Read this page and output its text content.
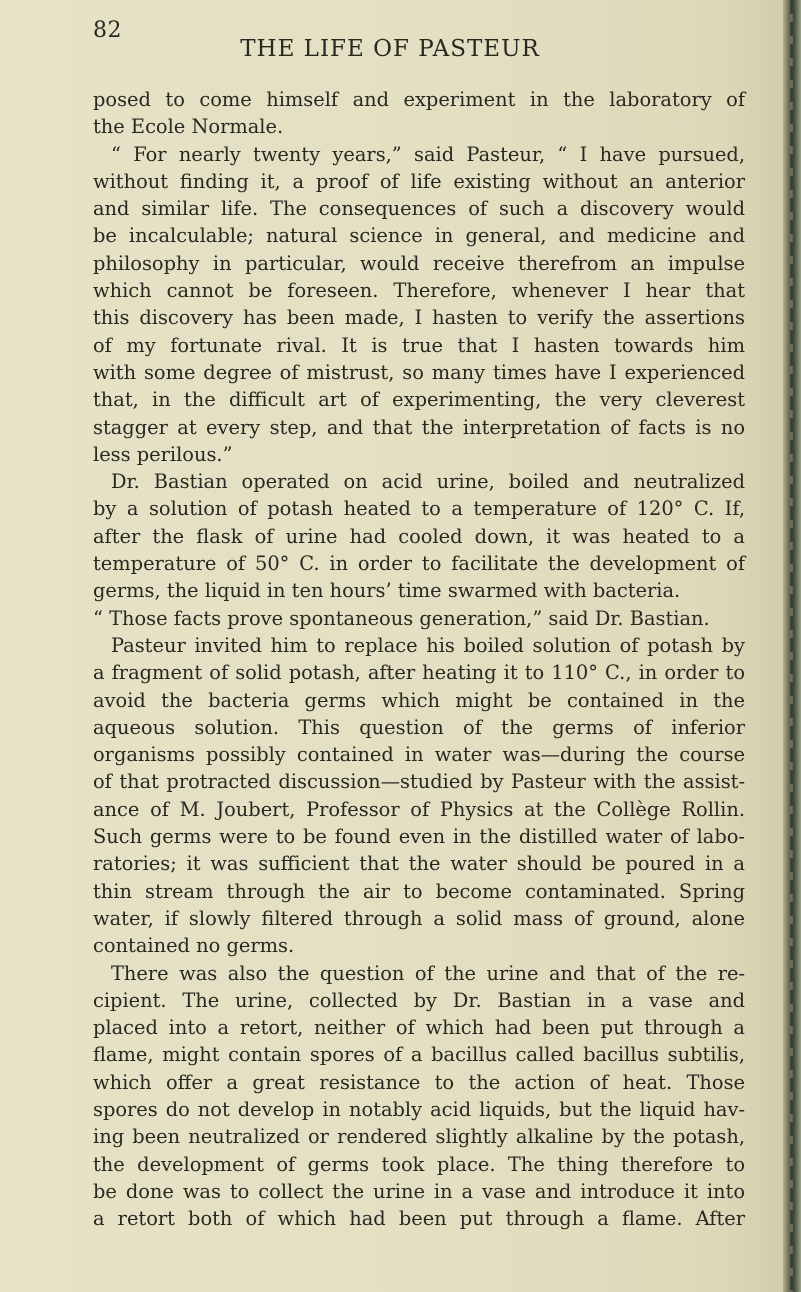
82
THE LIFE OF PASTEUR
posed to come himself and experiment in the laboratory of
the Ecole Normale.
“ For nearly twenty years,” said Pasteur, “ I have pursued,
without finding it, a proof of life existing without an anterior
and similar life. The consequences of such a discovery would
be incalculable; natural science in general, and medicine and
philosophy in particular, would receive therefrom an impulse
which cannot be foreseen. Therefore, whenever I hear that
this discovery has been made, I hasten to verify the assertions
of my fortunate rival. It is true that I hasten towards him
with some degree of mistrust, so many times have I experienced
that, in the difficult art of experimenting, the very cleverest
stagger at every step, and that the interpretation of facts is no
less perilous.”
Dr. Bastian operated on acid urine, boiled and neutralized
by a solution of potash heated to a temperature of 120° C. If,
after the flask of urine had cooled down, it was heated to a
temperature of 50° C. in order to facilitate the development of
germs, the liquid in ten hours’ time swarmed with bacteria.
“ Those facts prove spontaneous generation,” said Dr. Bastian.
Pasteur invited him to replace his boiled solution of potash by
a fragment of solid potash, after heating it to 110° C., in order to
avoid the bacteria germs which might be contained in the
aqueous solution. This question of the germs of inferior
organisms possibly contained in water was—during the course
of that protracted discussion—studied by Pasteur with the assist-
ance of M. Joubert, Professor of Physics at the Collège Rollin.
Such germs were to be found even in the distilled water of labo-
ratories; it was sufficient that the water should be poured in a
thin stream through the air to become contaminated. Spring
water, if slowly filtered through a solid mass of ground, alone
contained no germs.
There was also the question of the urine and that of the re-
cipient. The urine, collected by Dr. Bastian in a vase and
placed into a retort, neither of which had been put through a
flame, might contain spores of a bacillus called bacillus subtilis,
which offer a great resistance to the action of heat. Those
spores do not develop in notably acid liquids, but the liquid hav-
ing been neutralized or rendered slightly alkaline by the potash,
the development of germs took place. The thing therefore to
be done was to collect the urine in a vase and introduce it into
a retort both of which had been put through a flame. After
